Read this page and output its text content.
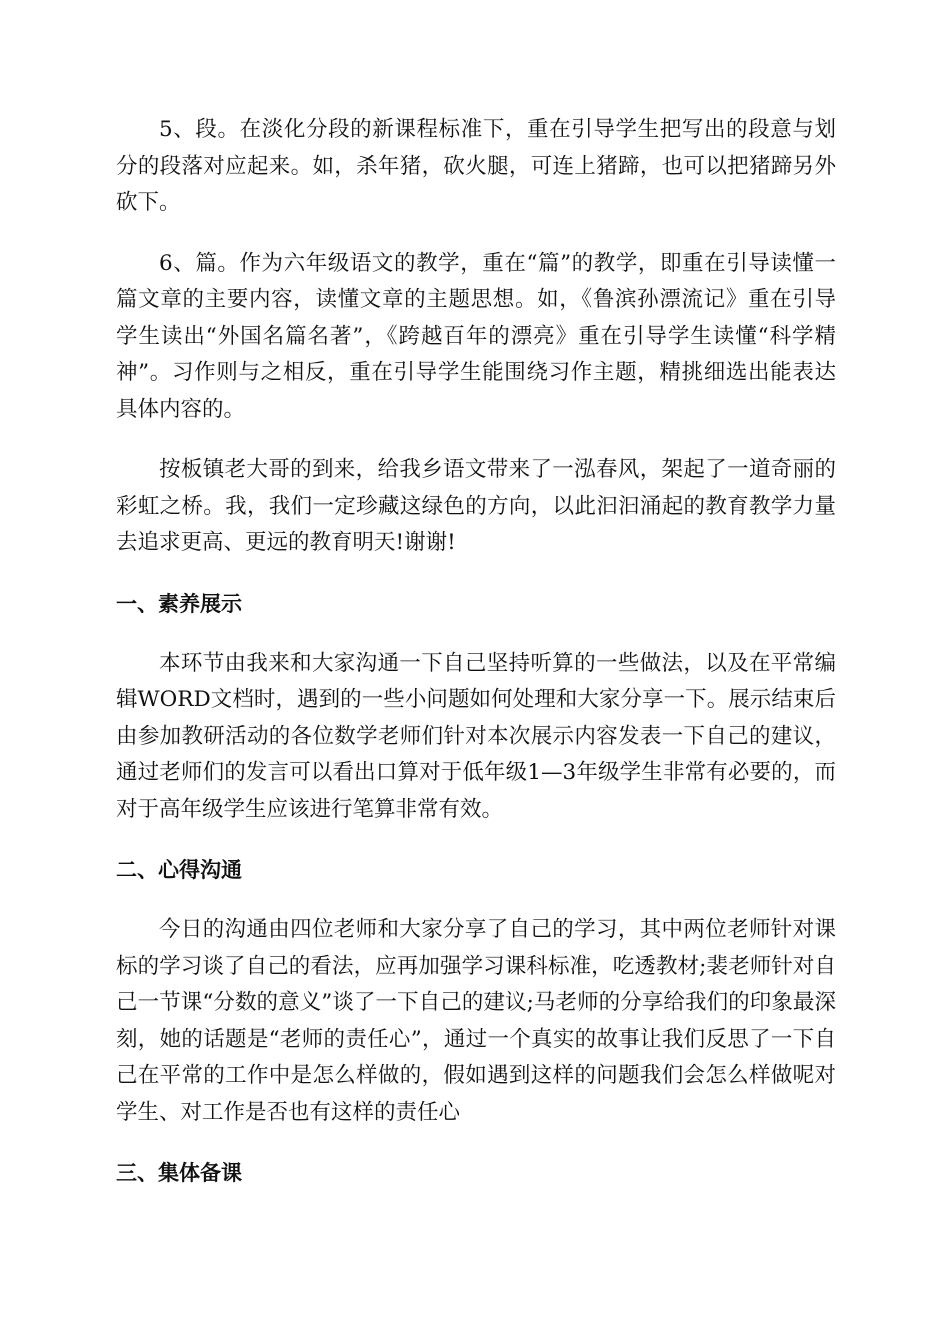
5、段。在淡化分段的新课程标准下，重在引导学生把写出的段意与划分的段落对应起来。如，杀年猪，砍火腿，可连上猪蹄，也可以把猪蹄另外砍下。

6、篇。作为六年级语文的教学，重在“篇”的教学，即重在引导读懂一篇文章的主要内容，读懂文章的主题思想。如，《鲁滨孙漂流记》重在引导学生读出“外国名篇名著”，《跨越百年的漂亮》重在引导学生读懂“科学精神”。习作则与之相反，重在引导学生能围绕习作主题，精挑细选出能表达具体内容的。

按板镇老大哥的到来，给我乡语文带来了一泓春风，架起了一道奇丽的彩虹之桥。我，我们一定珍藏这绿色的方向，以此汩汩涌起的教育教学力量去追求更高、更远的教育明天!谢谢!

一、素养展示

本环节由我来和大家沟通一下自己坚持听算的一些做法，以及在平常编辑WORD文档时，遇到的一些小问题如何处理和大家分享一下。展示结束后由参加教研活动的各位数学老师们针对本次展示内容发表一下自己的建议，通过老师们的发言可以看出口算对于低年级1—3年级学生非常有必要的，而对于高年级学生应该进行笔算非常有效。

二、心得沟通

今日的沟通由四位老师和大家分享了自己的学习，其中两位老师针对课标的学习谈了自己的看法，应再加强学习课科标准，吃透教材;裴老师针对自己一节课“分数的意义”谈了一下自己的建议;马老师的分享给我们的印象最深刻，她的话题是“老师的责任心”，通过一个真实的故事让我们反思了一下自己在平常的工作中是怎么样做的，假如遇到这样的问题我们会怎么样做呢对学生、对工作是否也有这样的责任心

三、集体备课
